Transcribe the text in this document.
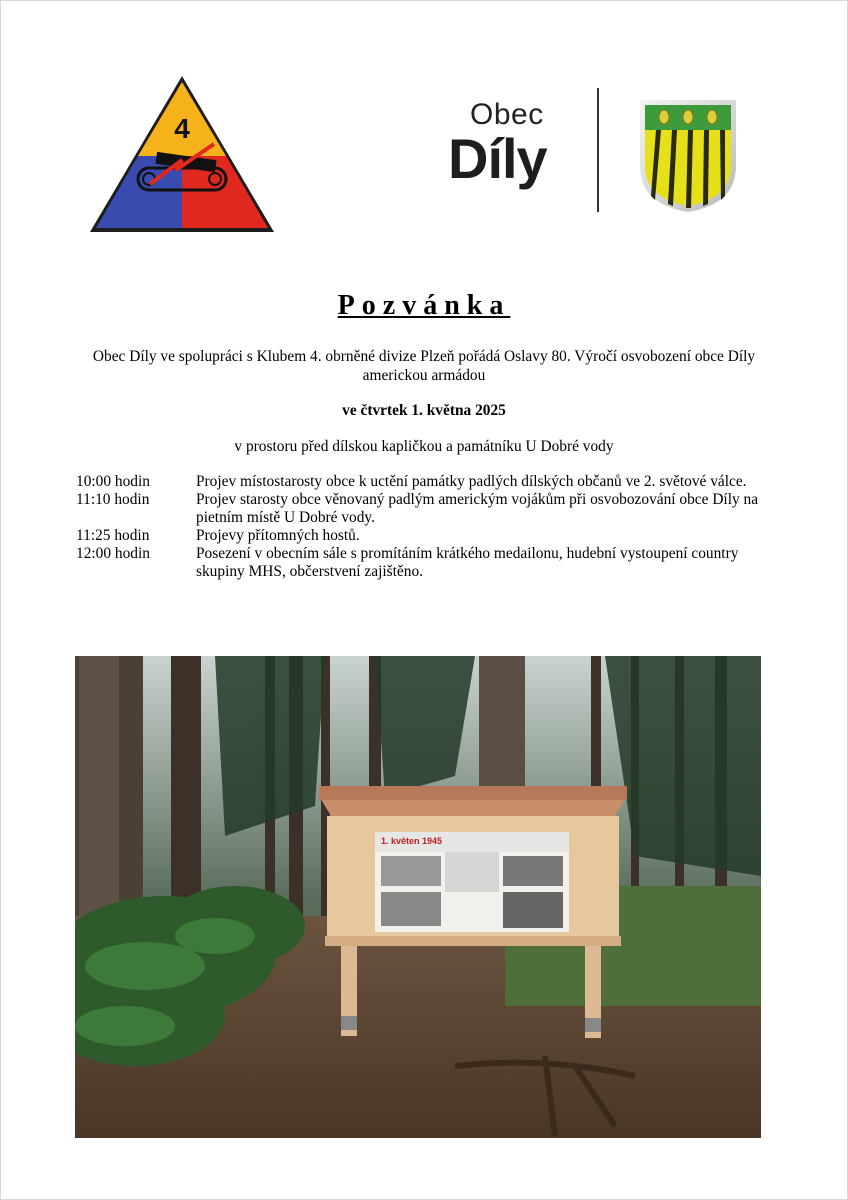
4	Obec
Díly
Pozvánka
Obec Díly ve spolupráci s Klubem 4. obrněné divize Plzeň pořádá Oslavy 80. Výročí osvobození obce Díly americkou armádou
ve čtvrtek 1. května 2025
v prostoru před dílskou kapličkou a památníku U Dobré vody
10:00 hodin	Projev místostarosty obce k uctění památky padlých dílských občanů ve 2. světové válce.
11:10 hodin	Projev starosty obce věnovaný padlým americkým vojákům při osvobozování obce Díly na pietním místě U Dobré vody.
11:25 hodin	Projevy přítomných hostů.
12:00 hodin	Posezení v obecním sále s promítáním krátkého medailonu, hudební vystoupení country skupiny MHS, občerstvení zajištěno.
1. květen 1945
